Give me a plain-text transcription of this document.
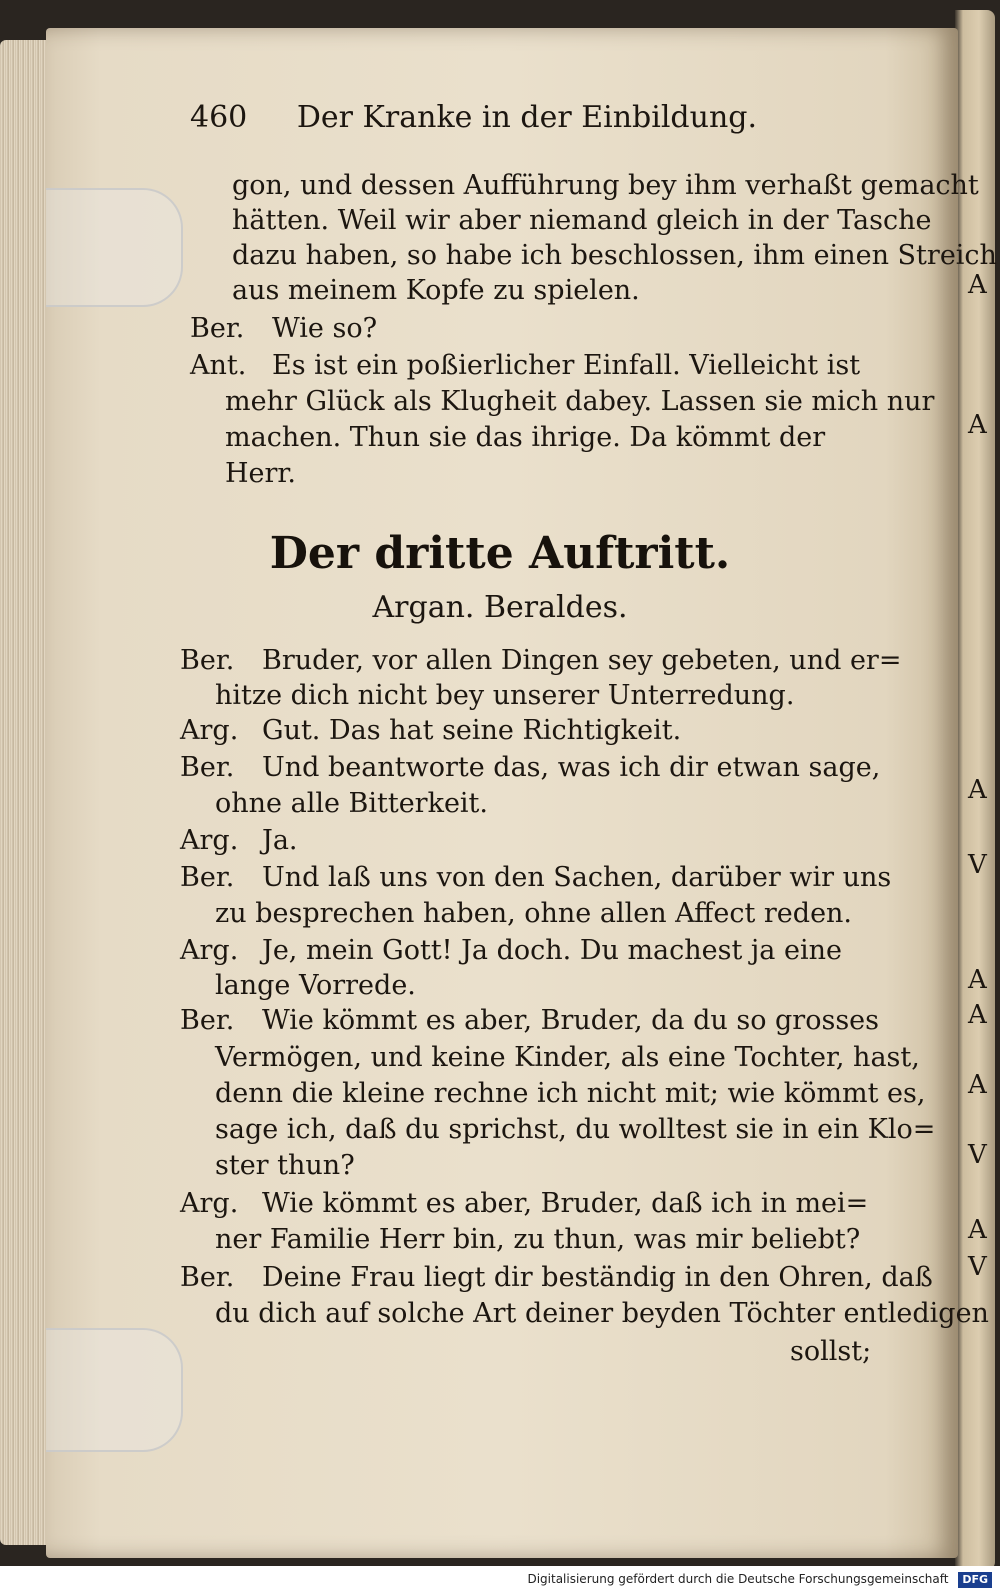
460 Der Kranke in der Einbildung.
gon, und dessen Aufführung bey ihm verhaßt gemacht
hätten. Weil wir aber niemand gleich in der Tasche
dazu haben, so habe ich beschlossen, ihm einen Streich
aus meinem Kopfe zu spielen.
Ber. Wie so?
Ant. Es ist ein poßierlicher Einfall. Vielleicht ist
mehr Glück als Klugheit dabey. Lassen sie mich nur
machen. Thun sie das ihrige. Da kömmt der
Herr.
Der dritte Auftritt.
Argan. Beraldes.
Ber. Bruder, vor allen Dingen sey gebeten, und er=
hitze dich nicht bey unserer Unterredung.
Arg. Gut. Das hat seine Richtigkeit.
Ber. Und beantworte das, was ich dir etwan sage,
ohne alle Bitterkeit.
Arg. Ja.
Ber. Und laß uns von den Sachen, darüber wir uns
zu besprechen haben, ohne allen Affect reden.
Arg. Je, mein Gott! Ja doch. Du machest ja eine
lange Vorrede.
Ber. Wie kömmt es aber, Bruder, da du so grosses
Vermögen, und keine Kinder, als eine Tochter, hast,
denn die kleine rechne ich nicht mit; wie kömmt es,
sage ich, daß du sprichst, du wolltest sie in ein Klo=
ster thun?
Arg. Wie kömmt es aber, Bruder, daß ich in mei=
ner Familie Herr bin, zu thun, was mir beliebt?
Ber. Deine Frau liegt dir beständig in den Ohren, daß
du dich auf solche Art deiner beyden Töchter entledigen
sollst;
A
A
A
V
A
A
A
V
A
V
Digitalisierung gefördert durch die Deutsche Forschungsgemeinschaft DFG
